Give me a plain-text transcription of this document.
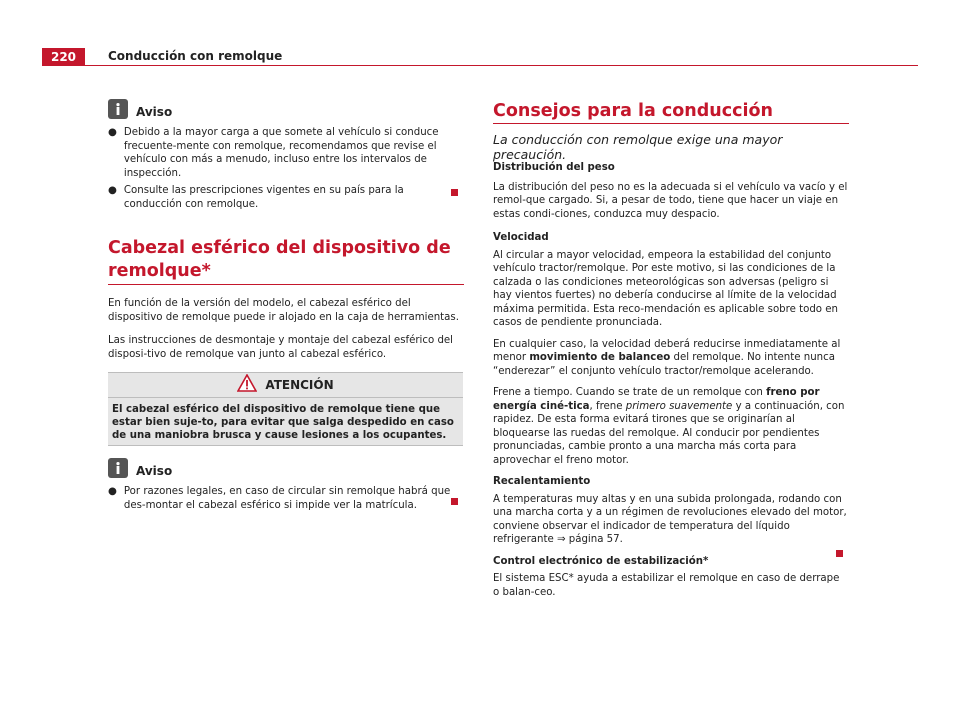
220	Conducción con remolque
Aviso
● Debido a la mayor carga a que somete al vehículo si conduce frecuente-mente con remolque, recomendamos que revise el vehículo con más a menudo, incluso entre los intervalos de inspección.
● Consulte las prescripciones vigentes en su país para la conducción con remolque.

Cabezal esférico del dispositivo de

remolque*

En función de la versión del modelo, el cabezal esférico del dispositivo de remolque puede ir alojado en la caja de herramientas.

Las instrucciones de desmontaje y montaje del cabezal esférico del disposi-tivo de remolque van junto al cabezal esférico.

ATENCIÓN
El cabezal esférico del dispositivo de remolque tiene que estar bien suje-to, para evitar que salga despedido en caso de una maniobra brusca y cause lesiones a los ocupantes.
Aviso
● Por razones legales, en caso de circular sin remolque habrá que des-montar el cabezal esférico si impide ver la matrícula.

Consejos para la conducción

La conducción con remolque exige una mayor precaución.

Distribución del peso

La distribución del peso no es la adecuada si el vehículo va vacío y el remol-que cargado. Si, a pesar de todo, tiene que hacer un viaje en estas condi-ciones, conduzca muy despacio.

Velocidad

Al circular a mayor velocidad, empeora la estabilidad del conjunto vehículo tractor/remolque. Por este motivo, si las condiciones de la calzada o las condiciones meteorológicas son adversas (peligro si hay vientos fuertes) no debería conducirse al límite de la velocidad máxima permitida. Esta reco-mendación es aplicable sobre todo en casos de pendiente pronunciada.

En cualquier caso, la velocidad deberá reducirse inmediatamente al menor movimiento de balanceo del remolque. No intente nunca “enderezar” el conjunto vehículo tractor/remolque acelerando.

Frene a tiempo. Cuando se trate de un remolque con freno por energía ciné-tica, frene primero suavemente y a continuación, con rapidez. De esta forma evitará tirones que se originarían al bloquearse las ruedas del remolque. Al conducir por pendientes pronunciadas, cambie pronto a una marcha más corta para aprovechar el freno motor.

Recalentamiento

A temperaturas muy altas y en una subida prolongada, rodando con una marcha corta y a un régimen de revoluciones elevado del motor, conviene observar el indicador de temperatura del líquido refrigerante ⇒ página 57.

Control electrónico de estabilización*

El sistema ESC* ayuda a estabilizar el remolque en caso de derrape o balan-ceo.
